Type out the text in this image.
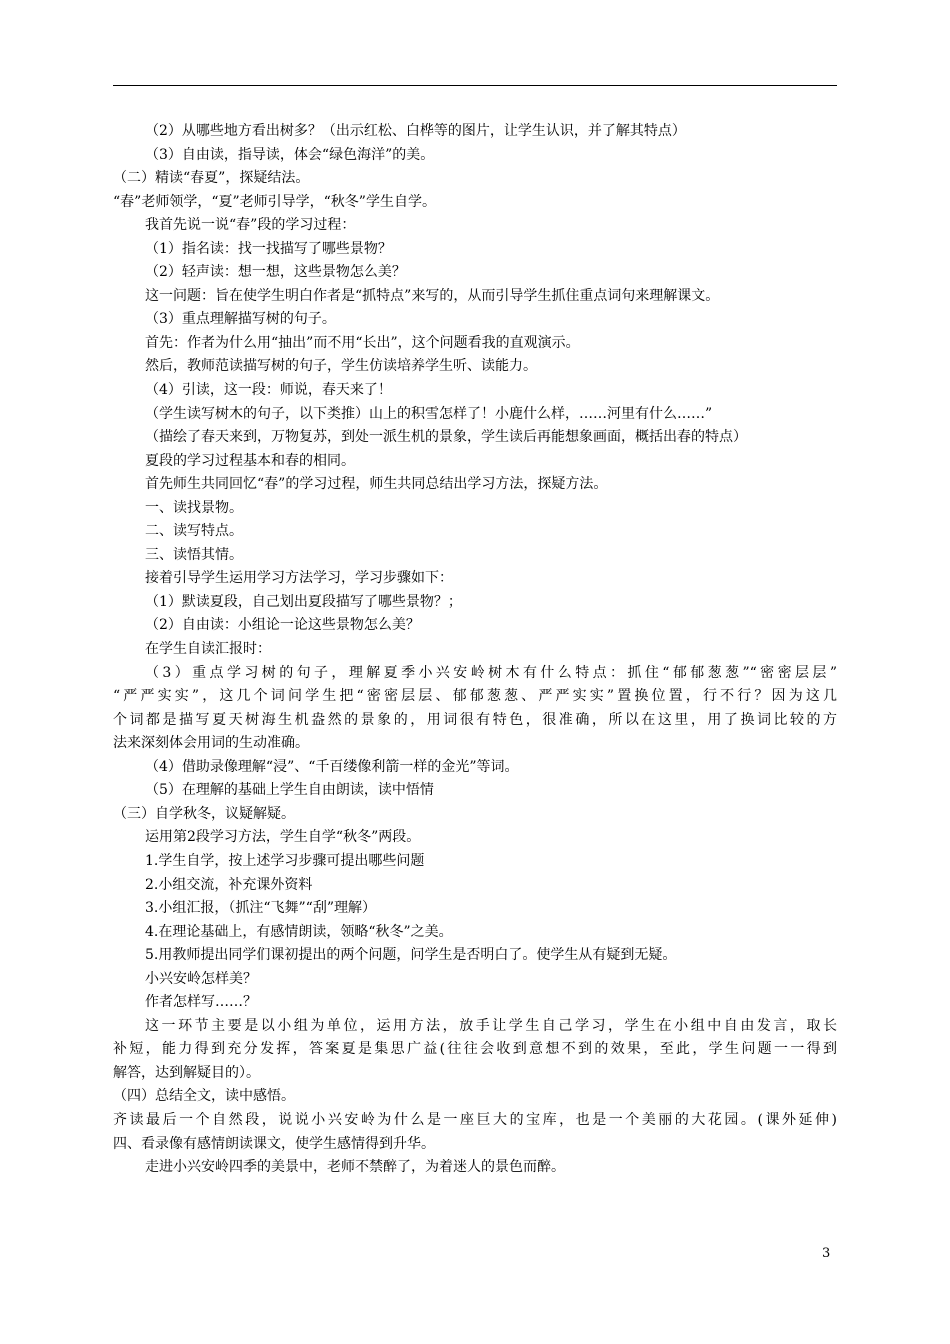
（2）从哪些地方看出树多？（出示红松、白桦等的图片，让学生认识，并了解其特点）
（3）自由读，指导读，体会“绿色海洋”的美。
（二）精读“春夏”，探疑结法。
“春”老师领学，“夏”老师引导学，“秋冬”学生自学。
我首先说一说“春”段的学习过程：
（1）指名读：找一找描写了哪些景物？
（2）轻声读：想一想，这些景物怎么美？
这一问题：旨在使学生明白作者是“抓特点”来写的，从而引导学生抓住重点词句来理解课文。
（3）重点理解描写树的句子。
首先：作者为什么用“抽出”而不用“长出”，这个问题看我的直观演示。
然后，教师范读描写树的句子，学生仿读培养学生听、读能力。
（4）引读，这一段：师说，春天来了！
（学生读写树木的句子，以下类推）山上的积雪怎样了！小鹿什么样，……河里有什么……”
（描绘了春天来到，万物复苏，到处一派生机的景象，学生读后再能想象画面，概括出春的特点）
夏段的学习过程基本和春的相同。
首先师生共同回忆“春”的学习过程，师生共同总结出学习方法，探疑方法。
一、读找景物。
二、读写特点。
三、读悟其情。
接着引导学生运用学习方法学习，学习步骤如下：
（1）默读夏段，自己划出夏段描写了哪些景物？；
（2）自由读：小组论一论这些景物怎么美？
在学生自读汇报时：
（3）重点学习树的句子，理解夏季小兴安岭树木有什么特点：抓住“郁郁葱葱”“密密层层”
“严严实实”，这几个词问学生把“密密层层、郁郁葱葱、严严实实”置换位置，行不行？因为这几
个词都是描写夏天树海生机盎然的景象的，用词很有特色，很准确，所以在这里，用了换词比较的方
法来深刻体会用词的生动准确。
（4）借助录像理解“浸”、“千百缕像利箭一样的金光”等词。
（5）在理解的基础上学生自由朗读，读中悟情
（三）自学秋冬，议疑解疑。
运用第2段学习方法，学生自学“秋冬”两段。
1.学生自学，按上述学习步骤可提出哪些问题
2.小组交流，补充课外资料
3.小组汇报，（抓注“飞舞”“刮”理解）
4.在理论基础上，有感情朗读，领略“秋冬”之美。
5.用教师提出同学们课初提出的两个问题，问学生是否明白了。使学生从有疑到无疑。
小兴安岭怎样美？
作者怎样写……？
这一环节主要是以小组为单位，运用方法，放手让学生自己学习，学生在小组中自由发言，取长
补短，能力得到充分发挥，答案夏是集思广益(往往会收到意想不到的效果，至此，学生问题一一得到
解答，达到解疑目的）。
（四）总结全文，读中感悟。
齐读最后一个自然段，说说小兴安岭为什么是一座巨大的宝库，也是一个美丽的大花园。(课外延伸)
四、看录像有感情朗读课文，使学生感情得到升华。
走进小兴安岭四季的美景中，老师不禁醉了，为着迷人的景色而醉。
3
